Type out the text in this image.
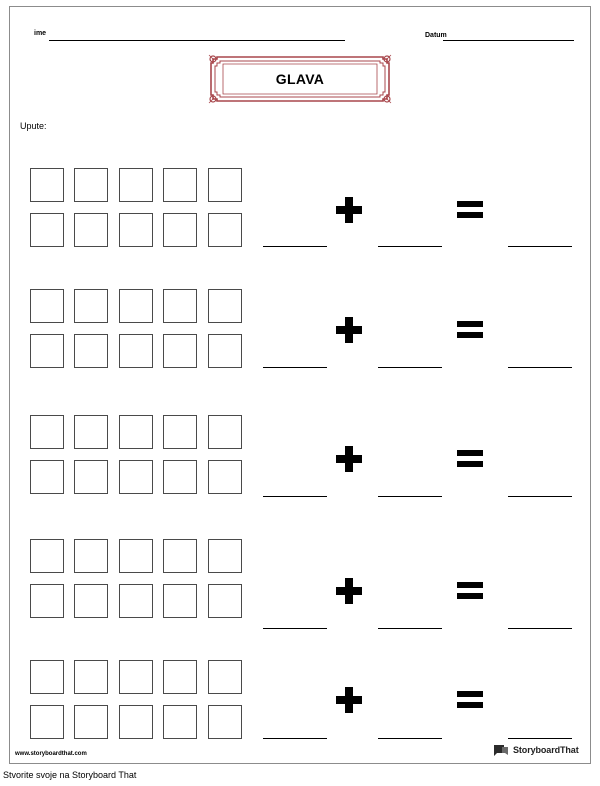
ime	Datum
GLAVA
Upute:
www.storyboardthat.com	StoryboardThat
Stvorite svoje na Storyboard That
